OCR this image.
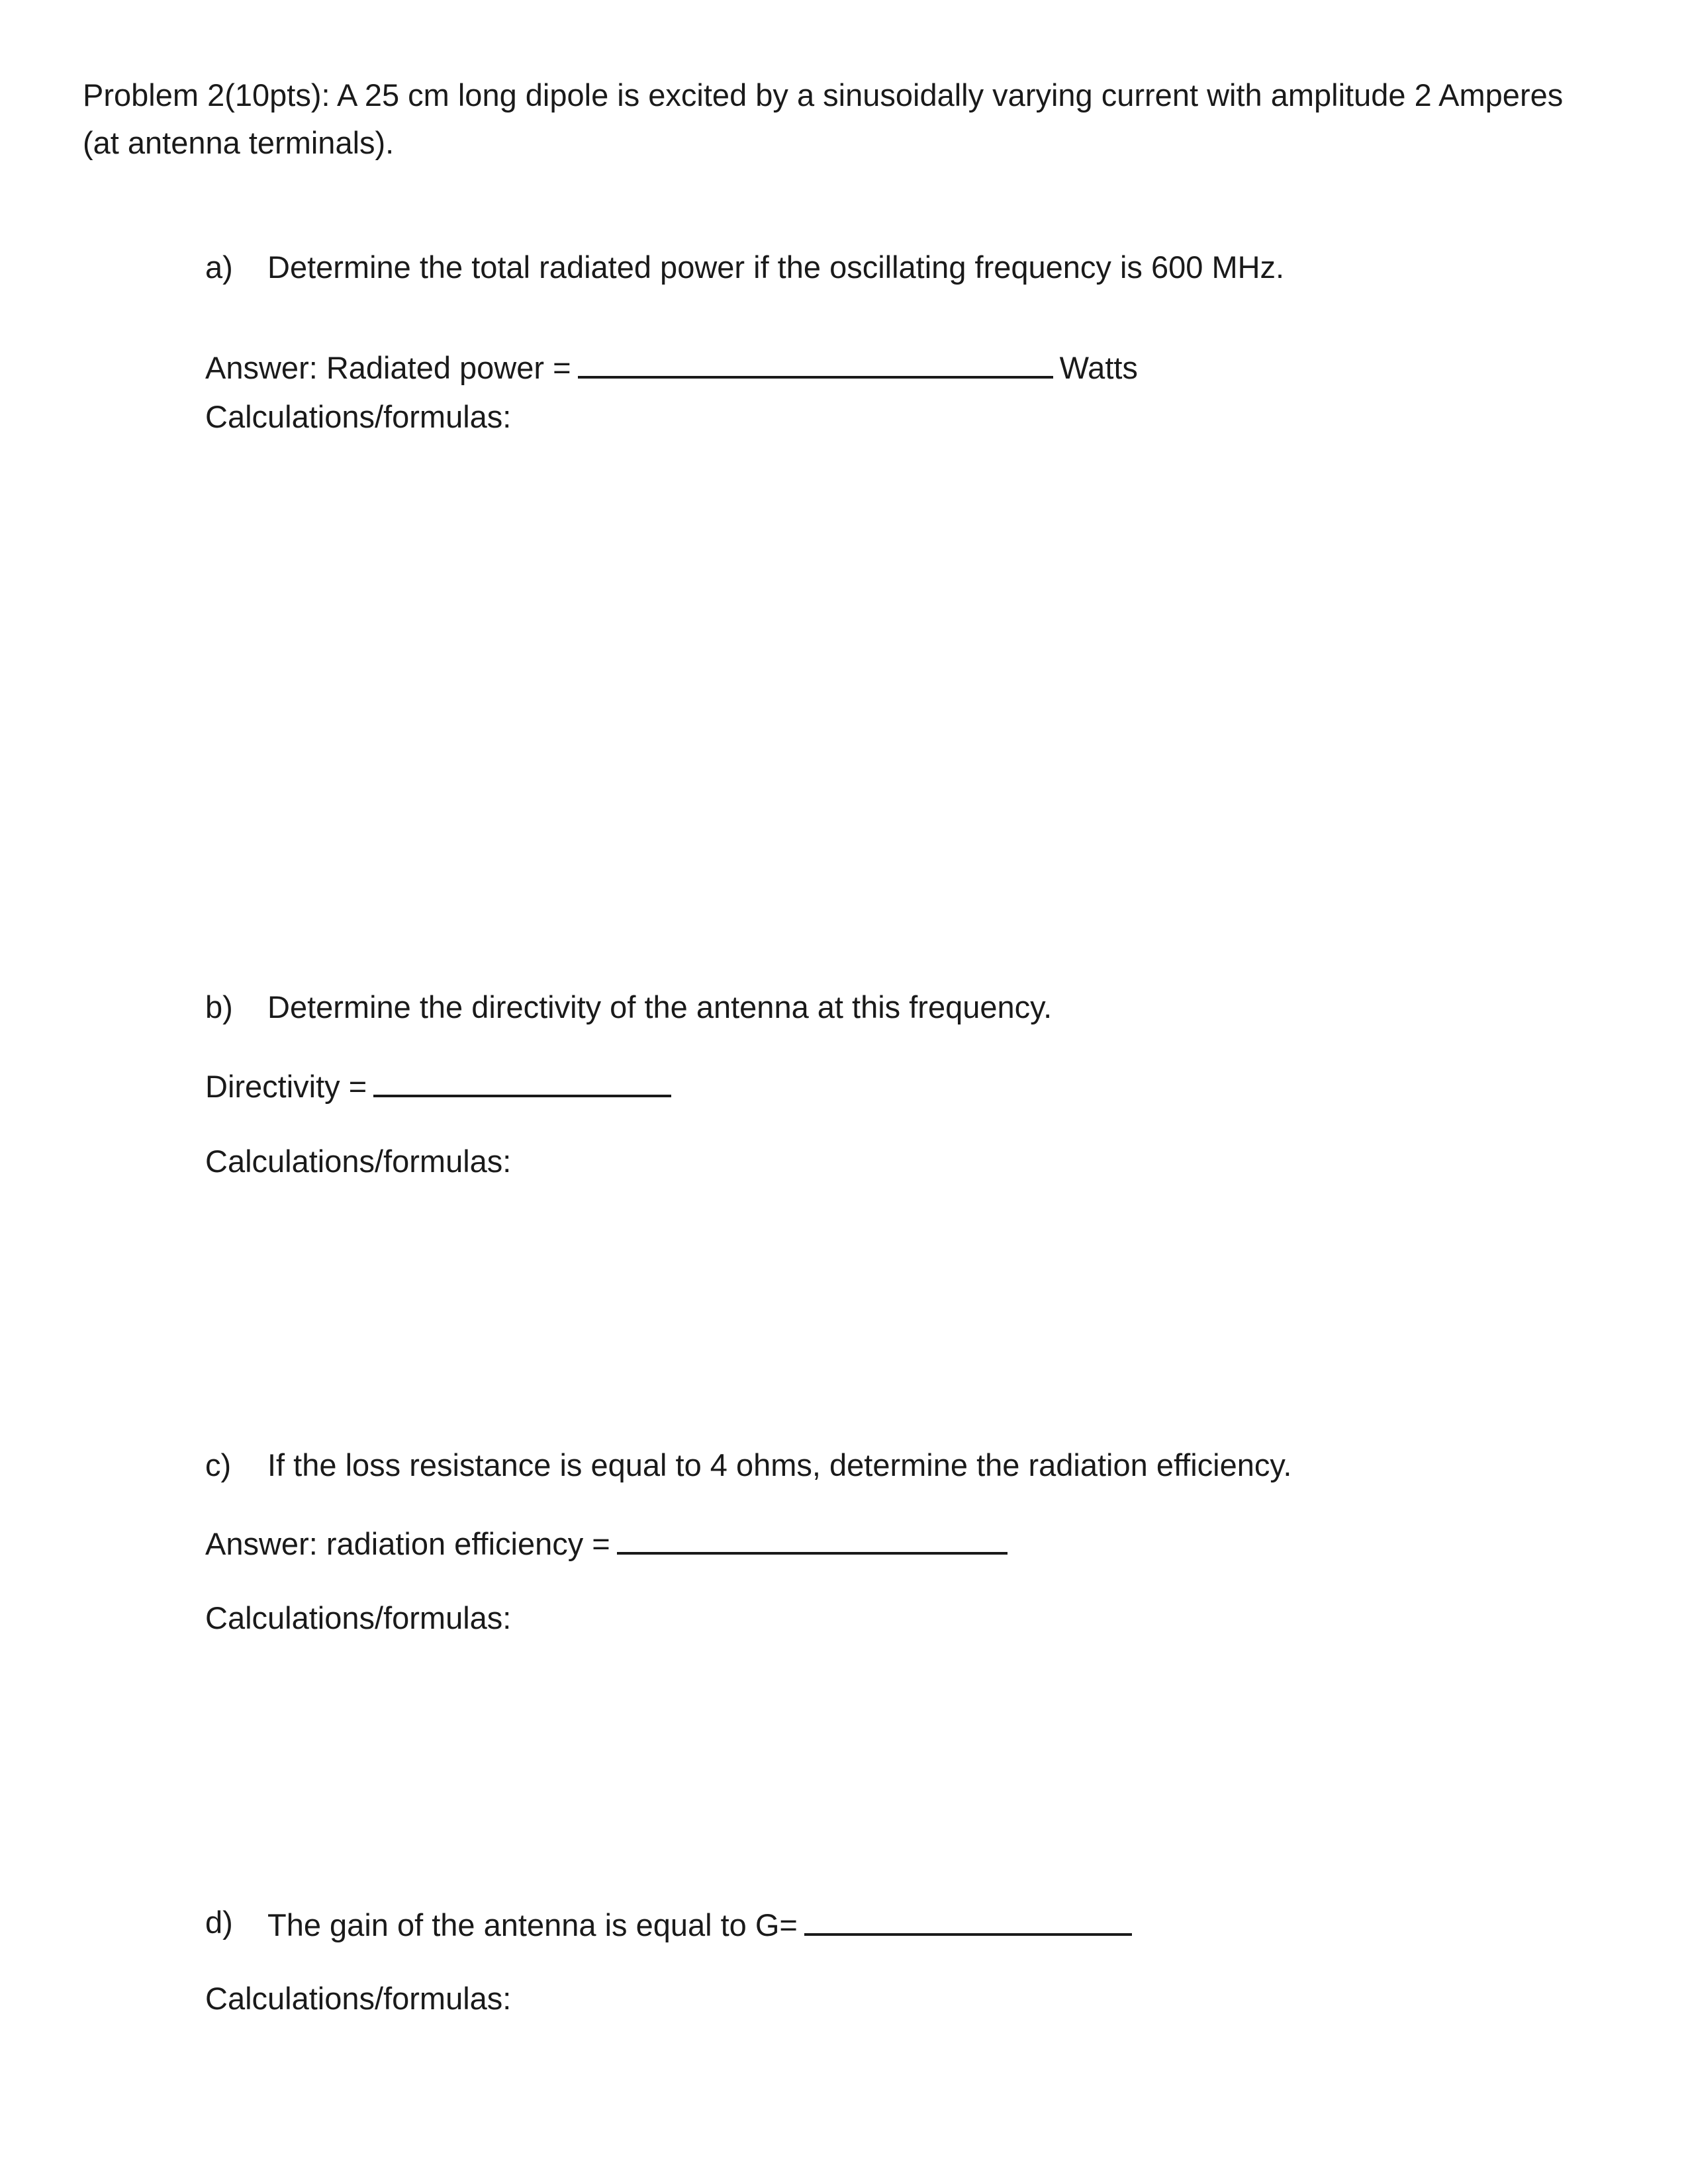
Problem 2(10pts): A 25 cm long dipole is excited by a sinusoidally varying current with amplitude 2 Amperes (at antenna terminals).
a) Determine the total radiated power if the oscillating frequency is 600 MHz.
Answer: Radiated power =	Watts
Calculations/formulas:
b) Determine the directivity of the antenna at this frequency.
Directivity =
Calculations/formulas:
c) If the loss resistance is equal to 4 ohms, determine the radiation efficiency.
Answer: radiation efficiency =
Calculations/formulas:
d) The gain of the antenna is equal to G=
Calculations/formulas:
